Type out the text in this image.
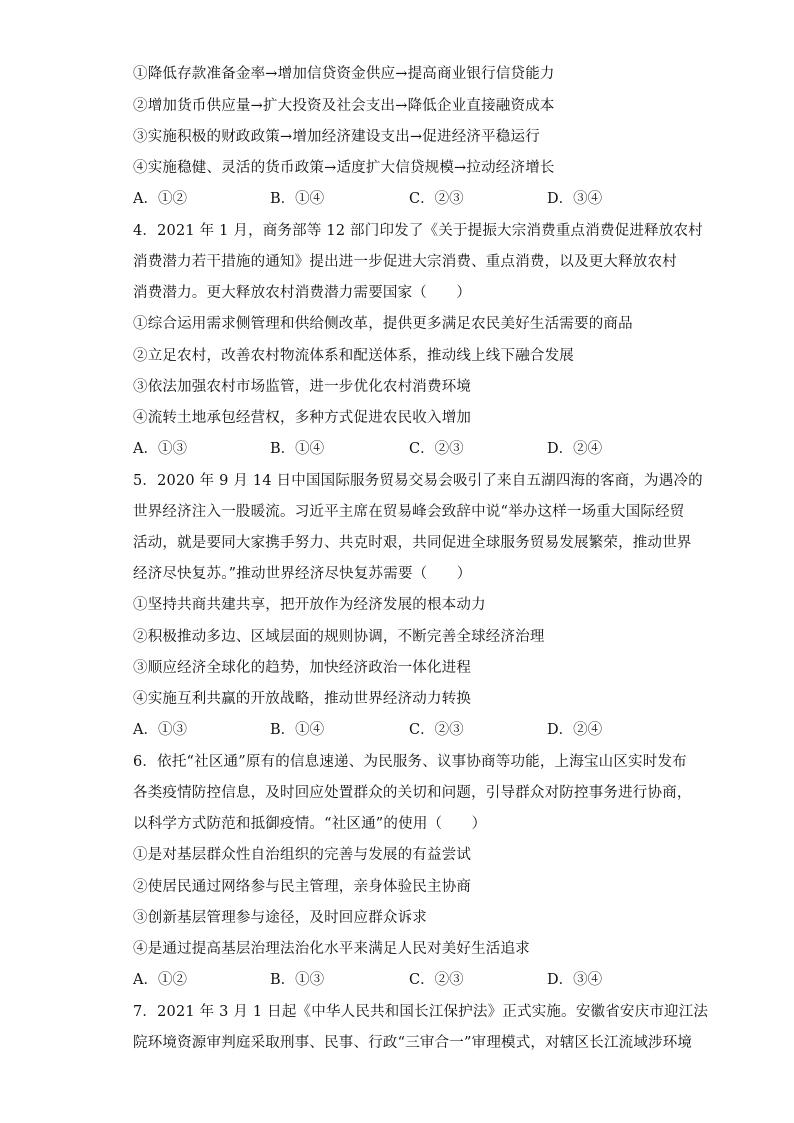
①降低存款准备金率→增加信贷资金供应→提高商业银行信贷能力
②增加货币供应量→扩大投资及社会支出→降低企业直接融资成本
③实施积极的财政政策→增加经济建设支出→促进经济平稳运行
④实施稳健、灵活的货币政策→适度扩大信贷规模→拉动经济增长
A．①②	B．①④	C．②③	D．③④
4．2021 年 1 月，商务部等 12 部门印发了《关于提振大宗消费重点消费促进释放农村
消费潜力若干措施的通知》提出进一步促进大宗消费、重点消费，以及更大释放农村
消费潜力。更大释放农村消费潜力需要国家（　　）
①综合运用需求侧管理和供给侧改革，提供更多满足农民美好生活需要的商品
②立足农村，改善农村物流体系和配送体系，推动线上线下融合发展
③依法加强农村市场监管，进一步优化农村消费环境
④流转土地承包经营权，多种方式促进农民收入增加
A．①③	B．①④	C．②③	D．②④
5．2020 年 9 月 14 日中国国际服务贸易交易会吸引了来自五湖四海的客商，为遇冷的
世界经济注入一股暖流。习近平主席在贸易峰会致辞中说“举办这样一场重大国际经贸
活动，就是要同大家携手努力、共克时艰，共同促进全球服务贸易发展繁荣，推动世界
经济尽快复苏。”推动世界经济尽快复苏需要（　　）
①坚持共商共建共享，把开放作为经济发展的根本动力
②积极推动多边、区域层面的规则协调，不断完善全球经济治理
③顺应经济全球化的趋势，加快经济政治一体化进程
④实施互利共赢的开放战略，推动世界经济动力转换
A．①③	B．①④	C．②③	D．②④
6．依托“社区通”原有的信息速递、为民服务、议事协商等功能，上海宝山区实时发布
各类疫情防控信息，及时回应处置群众的关切和问题，引导群众对防控事务进行协商，
以科学方式防范和抵御疫情。“社区通”的使用（　　）
①是对基层群众性自治组织的完善与发展的有益尝试
②使居民通过网络参与民主管理，亲身体验民主协商
③创新基层管理参与途径，及时回应群众诉求
④是通过提高基层治理法治化水平来满足人民对美好生活追求
A．①②	B．①③	C．②③	D．③④
7．2021 年 3 月 1 日起《中华人民共和国长江保护法》正式实施。安徽省安庆市迎江法
院环境资源审判庭采取刑事、民事、行政“三审合一”审理模式，对辖区长江流域涉环境
